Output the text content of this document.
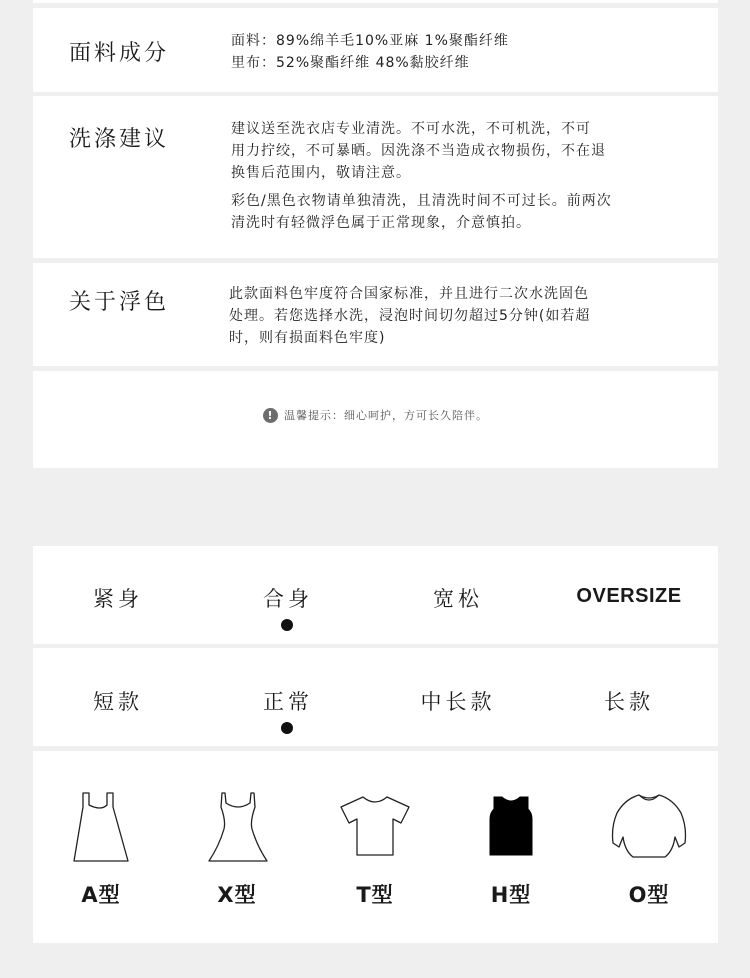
面料成分	面料：89%绵羊毛10%亚麻 1%聚酯纤维

里布：52%聚酯纤维 48%黏胶纤维

洗涤建议	建议送至洗衣店专业清洗。不可水洗，不可机洗，不可
用力拧绞，不可暴晒。因洗涤不当造成衣物损伤，不在退
换售后范围内，敬请注意。

彩色/黑色衣物请单独清洗，且清洗时间不可过长。前两次
清洗时有轻微浮色属于正常现象，介意慎拍。

关于浮色	此款面料色牢度符合国家标准，并且进行二次水洗固色
处理。若您选择水洗，浸泡时间切勿超过5分钟(如若超
时，则有损面料色牢度)

! 温馨提示：细心呵护，方可长久陪伴。
紧身	合身	宽松	OVERSIZE
短款	正常	中长款	长款
A型	X型	T型	H型	O型
